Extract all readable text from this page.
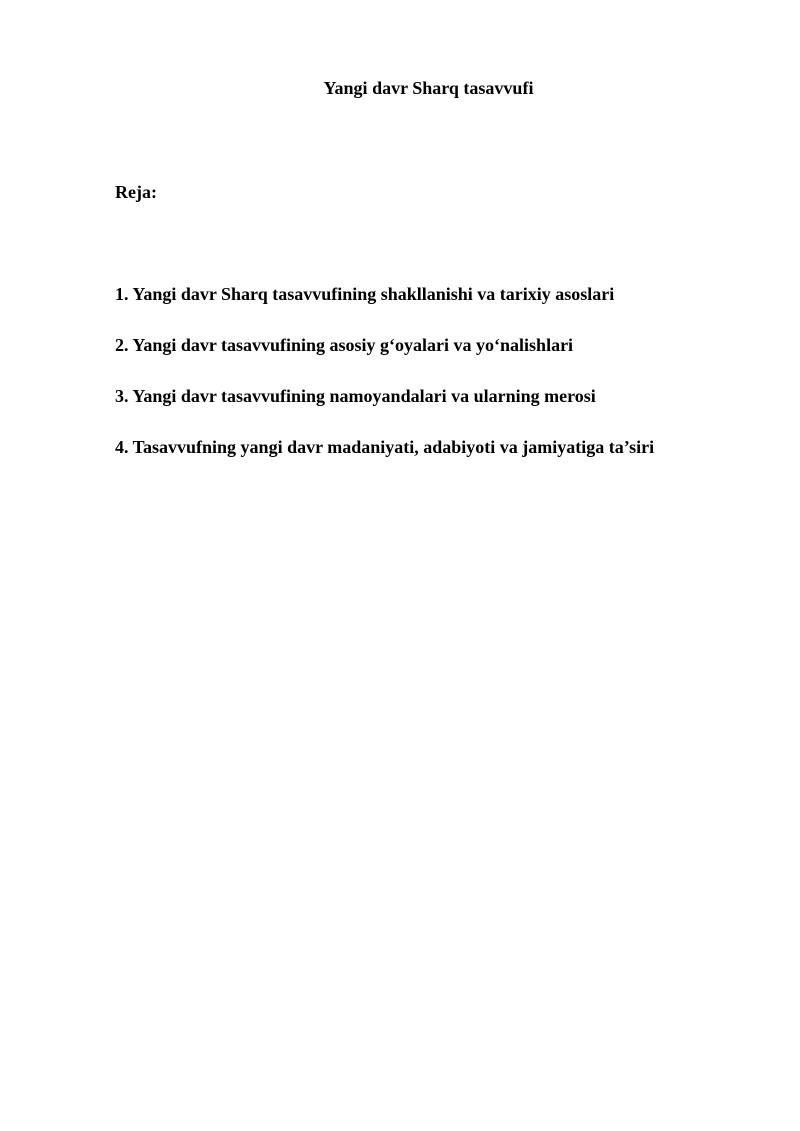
Yangi davr Sharq tasavvufi
Reja:
1. Yangi davr Sharq tasavvufining shakllanishi va tarixiy asoslari
2. Yangi davr tasavvufining asosiy g‘oyalari va yo‘nalishlari
3. Yangi davr tasavvufining namoyandalari va ularning merosi
4. Tasavvufning yangi davr madaniyati, adabiyoti va jamiyatiga ta’siri
